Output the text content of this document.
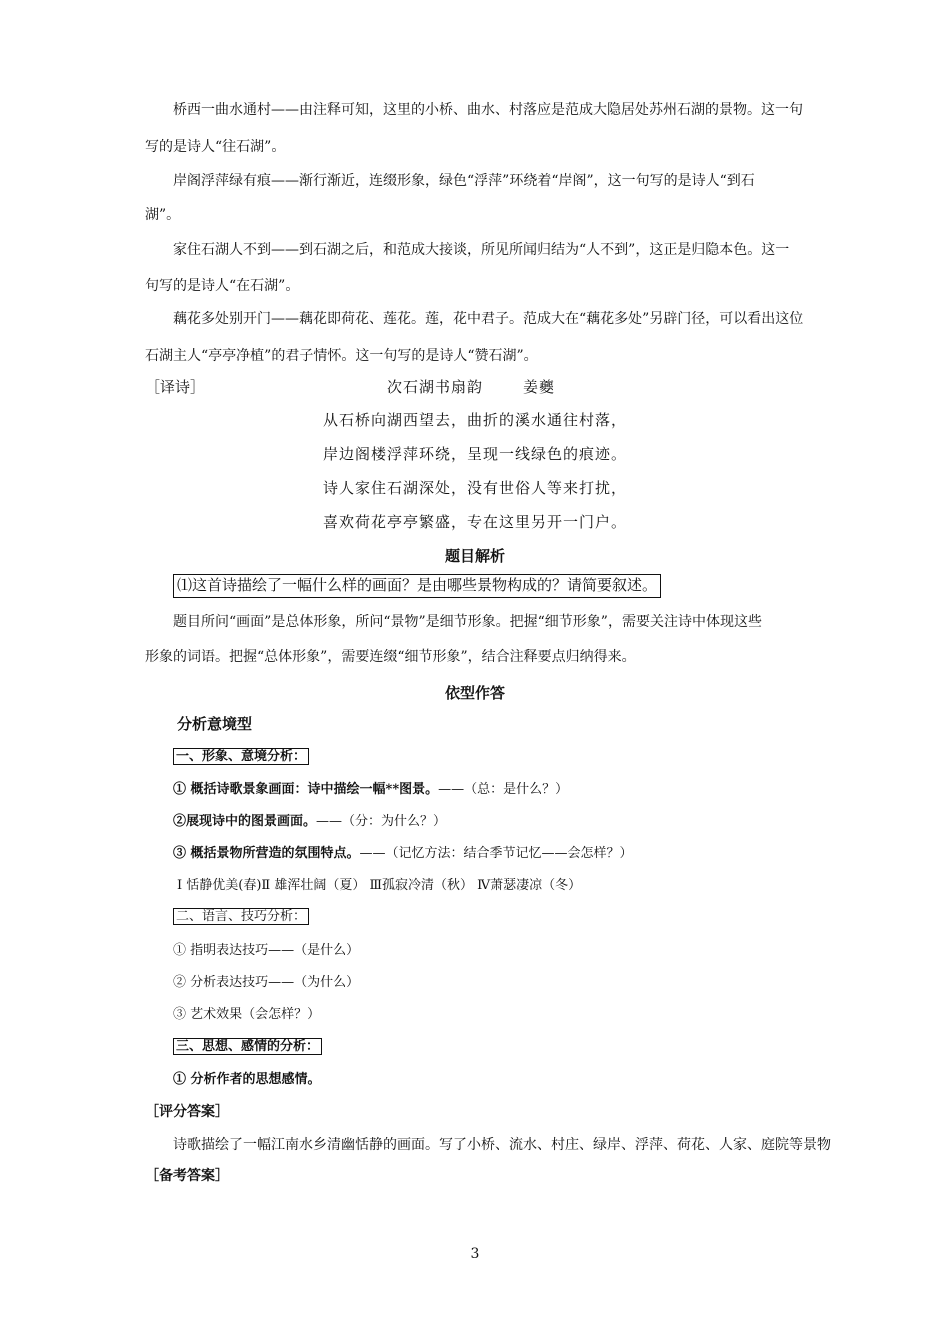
桥西一曲水通村——由注释可知，这里的小桥、曲水、村落应是范成大隐居处苏州石湖的景物。这一句
写的是诗人“往石湖”。
岸阁浮萍绿有痕——渐行渐近，连缀形象，绿色“浮萍”环绕着“岸阁”，这一句写的是诗人“到石
湖”。
家住石湖人不到——到石湖之后，和范成大接谈，所见所闻归结为“人不到”，这正是归隐本色。这一
句写的是诗人“在石湖”。
藕花多处别开门——藕花即荷花、莲花。莲，花中君子。范成大在“藕花多处”另辟门径，可以看出这位
石湖主人“亭亭净植”的君子情怀。这一句写的是诗人“赞石湖”。
［译诗］	次石湖书扇韵	姜夔
从石桥向湖西望去，曲折的溪水通往村落，
岸边阁楼浮萍环绕，呈现一线绿色的痕迹。
诗人家住石湖深处，没有世俗人等来打扰，
喜欢荷花亭亭繁盛，专在这里另开一门户。
题目解析
⑴这首诗描绘了一幅什么样的画面？是由哪些景物构成的？请简要叙述。
题目所问“画面”是总体形象，所问“景物”是细节形象。把握“细节形象”，需要关注诗中体现这些
形象的词语。把握“总体形象”，需要连缀“细节形象”，结合注释要点归纳得来。
依型作答
分析意境型
一、形象、意境分析：
① 概括诗歌景象画面：诗中描绘一幅**图景。——（总：是什么？）
②展现诗中的图景画面。——（分：为什么？）
③ 概括景物所营造的氛围特点。——（记忆方法：结合季节记忆——会怎样？）
Ⅰ 恬静优美(春)Ⅱ 雄浑壮阔（夏） Ⅲ孤寂冷清（秋） Ⅳ萧瑟凄凉（冬）
二、语言、技巧分析：
① 指明表达技巧——（是什么）
② 分析表达技巧——（为什么）
③ 艺术效果（会怎样？）
三、思想、感情的分析：
① 分析作者的思想感情。
［评分答案］
诗歌描绘了一幅江南水乡清幽恬静的画面。写了小桥、流水、村庄、绿岸、浮萍、荷花、人家、庭院等景物
［备考答案］
3
